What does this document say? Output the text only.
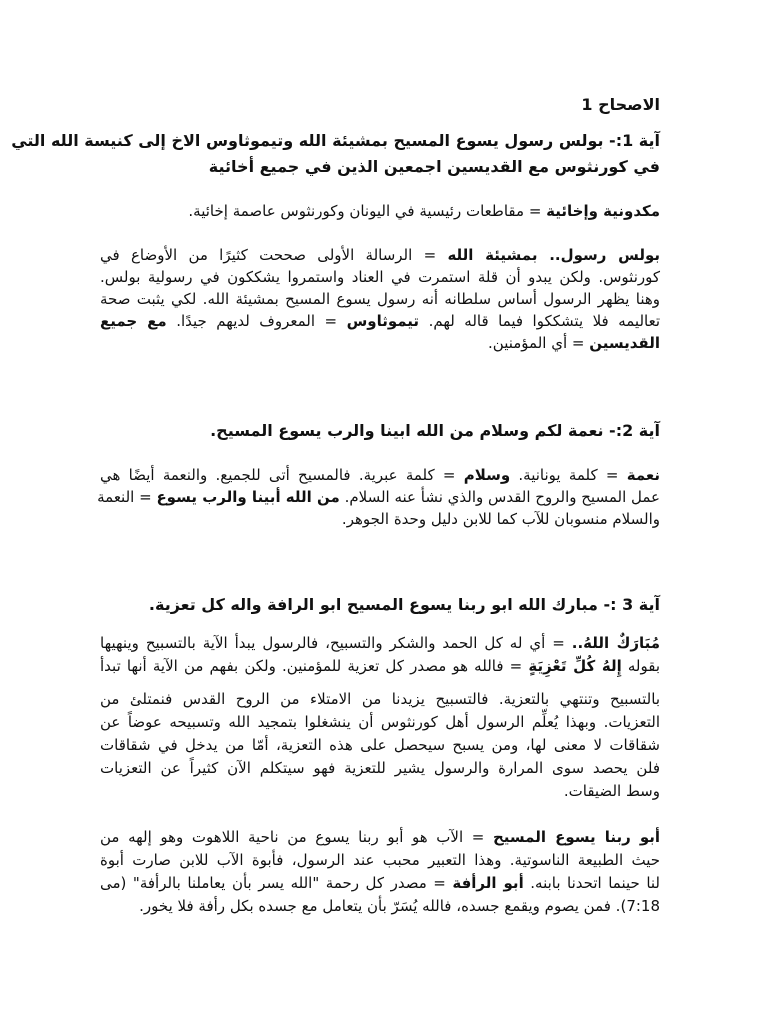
الاصحاح 1
آية 1:- بولس رسول يسوع المسيح بمشيئة الله وتيموثاوس الاخ إلى كنيسة الله التي
في كورنثوس مع القديسين اجمعين الذين في جميع أخائية
مكدونية وإخائية = مقاطعات رئيسية في اليونان وكورنثوس عاصمة إخائية.
بولس رسول.. بمشيئة الله = الرسالة الأولى صححت كثيرًا من الأوضاع في
كورنثوس. ولكن يبدو أن قلة استمرت في العناد واستمروا يشككون في رسولية بولس.
وهنا يظهر الرسول أساس سلطانه أنه رسول يسوع المسيح بمشيئة الله. لكي يثبت صحة
تعاليمه فلا يتشككوا فيما قاله لهم. تيموثاوس = المعروف لديهم جيدًا. مع جميع
القديسين = أي المؤمنين.
آية 2:- نعمة لكم وسلام من الله ابينا والرب يسوع المسيح.
نعمة = كلمة يونانية. وسلام = كلمة عبرية. فالمسيح أتى للجميع. والنعمة أيضًا هي
عمل المسيح والروح القدس والذي نشأ عنه السلام. من الله أبينا والرب يسوع = النعمة
والسلام منسوبان للآب كما للابن دليل وحدة الجوهر.
آية 3 :- مبارك الله ابو ربنا يسوع المسيح ابو الرافة واله كل تعزية.
مُبَارَكٌ اللهُ.. = أي له كل الحمد والشكر والتسبيح، فالرسول يبدأ الآية بالتسبيح وينهيها
بقوله إِلهُ كُلِّ تَعْزِيَةٍ = فالله هو مصدر كل تعزية للمؤمنين. ولكن بفهم من الآية أنها تبدأ
بالتسبيح وتنتهي بالتعزية. فالتسبيح يزيدنا من الامتلاء من الروح القدس فنمتلئ من
التعزيات. وبهذا يُعلِّم الرسول أهل كورنثوس أن ينشغلوا بتمجيد الله وتسبيحه عوضاً عن
شقاقات لا معنى لها، ومن يسبح سيحصل على هذه التعزية، أمّا من يدخل في شقاقات
فلن يحصد سوى المرارة والرسول يشير للتعزية فهو سيتكلم الآن كثيراً عن التعزيات
وسط الضيقات.
أبو ربنا يسوع المسيح = الآب هو أبو ربنا يسوع من ناحية اللاهوت وهو إلهه من
حيث الطبيعة الناسوتية. وهذا التعبير محبب عند الرسول، فأبوة الآب للابن صارت أبوة
لنا حينما اتحدنا بابنه. أبو الرأفة = مصدر كل رحمة "الله يسر بأن يعاملنا بالرأفة" (مى
7:18). فمن يصوم ويقمع جسده، فالله يُسَرّ بأن يتعامل مع جسده بكل رأفة فلا يخور.
